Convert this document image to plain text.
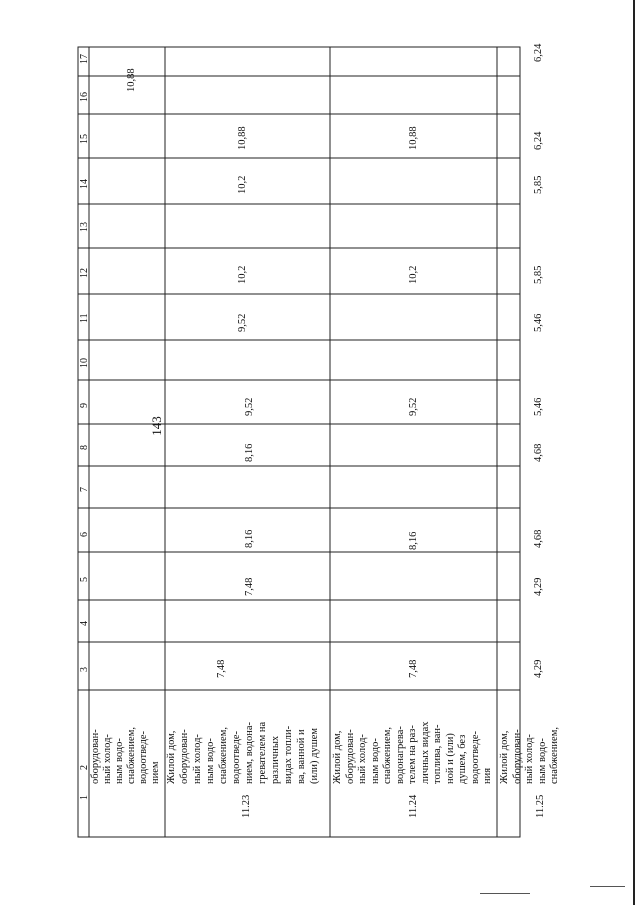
143
1
2
3
4
5
6
7
8
9
10
11
12
13
14
15
16
17
оборудован- ный холод- ным водо- снабжением, водоотведе- нием
10,88
11.23
Жилой дом, оборудован- ный холод- ным водо- снабжением, водоотведе- нием, водона- гревателем на различных видах топли- ва, ванной и (или) душем
7,48
7,48
8,16
8,16
9,52
9,52
10,2
10,2
10,88
11.24
Жилой дом, оборудован- ный холод- ным водо- снабжением, водонагрева- телем на раз- личных видах топлива, ван- ной и (или) душем, без водоотведе- ния
7,48
8,16
9,52
10,2
10,88
11.25
Жилой дом, оборудован- ный холод- ным водо- снабжением,
4,29
4,29
4,68
4,68
5,46
5,46
5,85
5,85
6,24
6,24
